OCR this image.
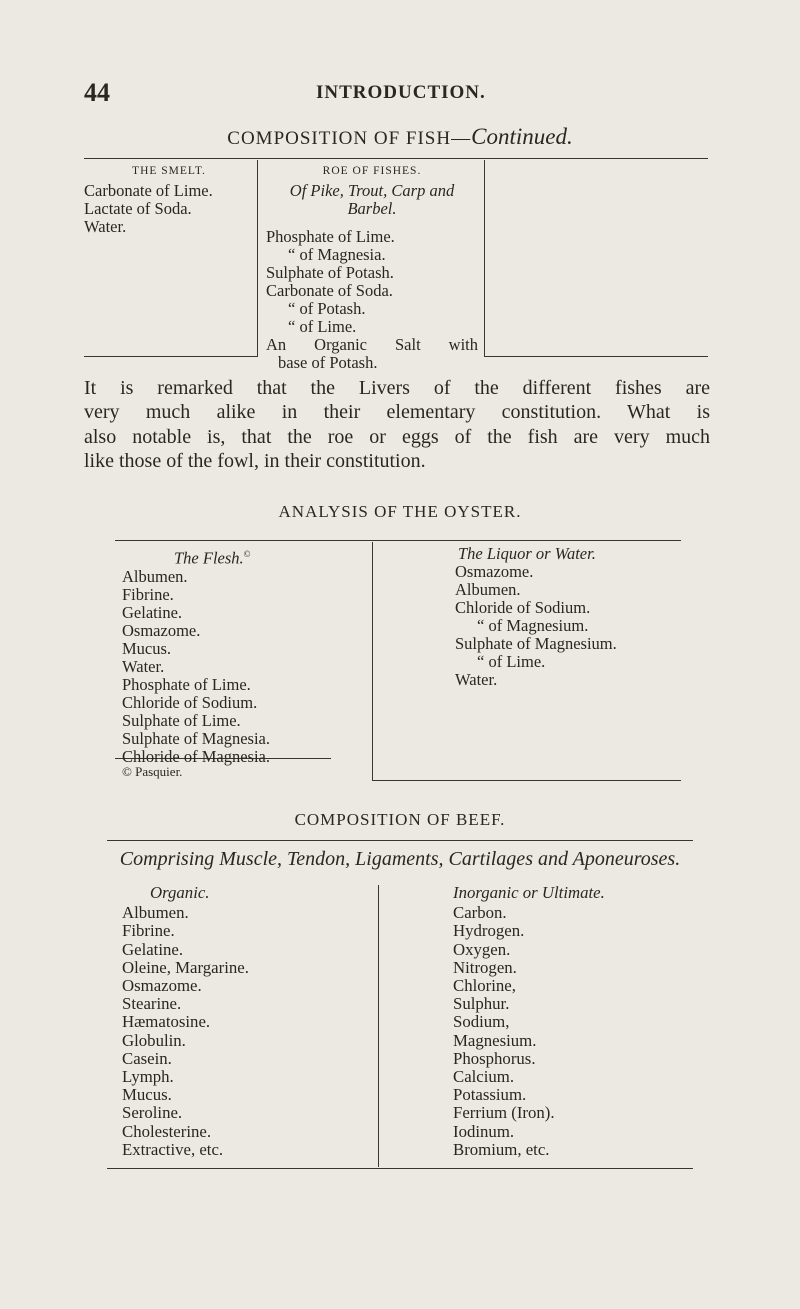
44	INTRODUCTION.
COMPOSITION OF FISH—Continued.
THE SMELT.
Carbonate of Lime.
Lactate of Soda.
Water.
ROE OF FISHES.
Of Pike, Trout, Carp and
Barbel.
Phosphate of Lime.
“ of Magnesia.
Sulphate of Potash.
Carbonate of Soda.
“ of Potash.
“ of Lime.
An Organic Salt with
base of Potash.
It is remarked that the Livers of the different fishes are
very much alike in their elementary constitution. What is
also notable is, that the roe or eggs of the fish are very much
like those of the fowl, in their constitution.
ANALYSIS OF THE OYSTER.
The Flesh.©
Albumen.
Fibrine.
Gelatine.
Osmazome.
Mucus.
Water.
Phosphate of Lime.
Chloride of Sodium.
Sulphate of Lime.
Sulphate of Magnesia.
Chloride of Magnesia.
© Pasquier.
The Liquor or Water.
Osmazome.
Albumen.
Chloride of Sodium.
“ of Magnesium.
Sulphate of Magnesium.
“ of Lime.
Water.
COMPOSITION OF BEEF.
Comprising Muscle, Tendon, Ligaments, Cartilages and Aponeuroses.
Organic.
Albumen.
Fibrine.
Gelatine.
Oleine, Margarine.
Osmazome.
Stearine.
Hæmatosine.
Globulin.
Casein.
Lymph.
Mucus.
Seroline.
Cholesterine.
Extractive, etc.
Inorganic or Ultimate.
Carbon.
Hydrogen.
Oxygen.
Nitrogen.
Chlorine,
Sulphur.
Sodium,
Magnesium.
Phosphorus.
Calcium.
Potassium.
Ferrium (Iron).
Iodinum.
Bromium, etc.
